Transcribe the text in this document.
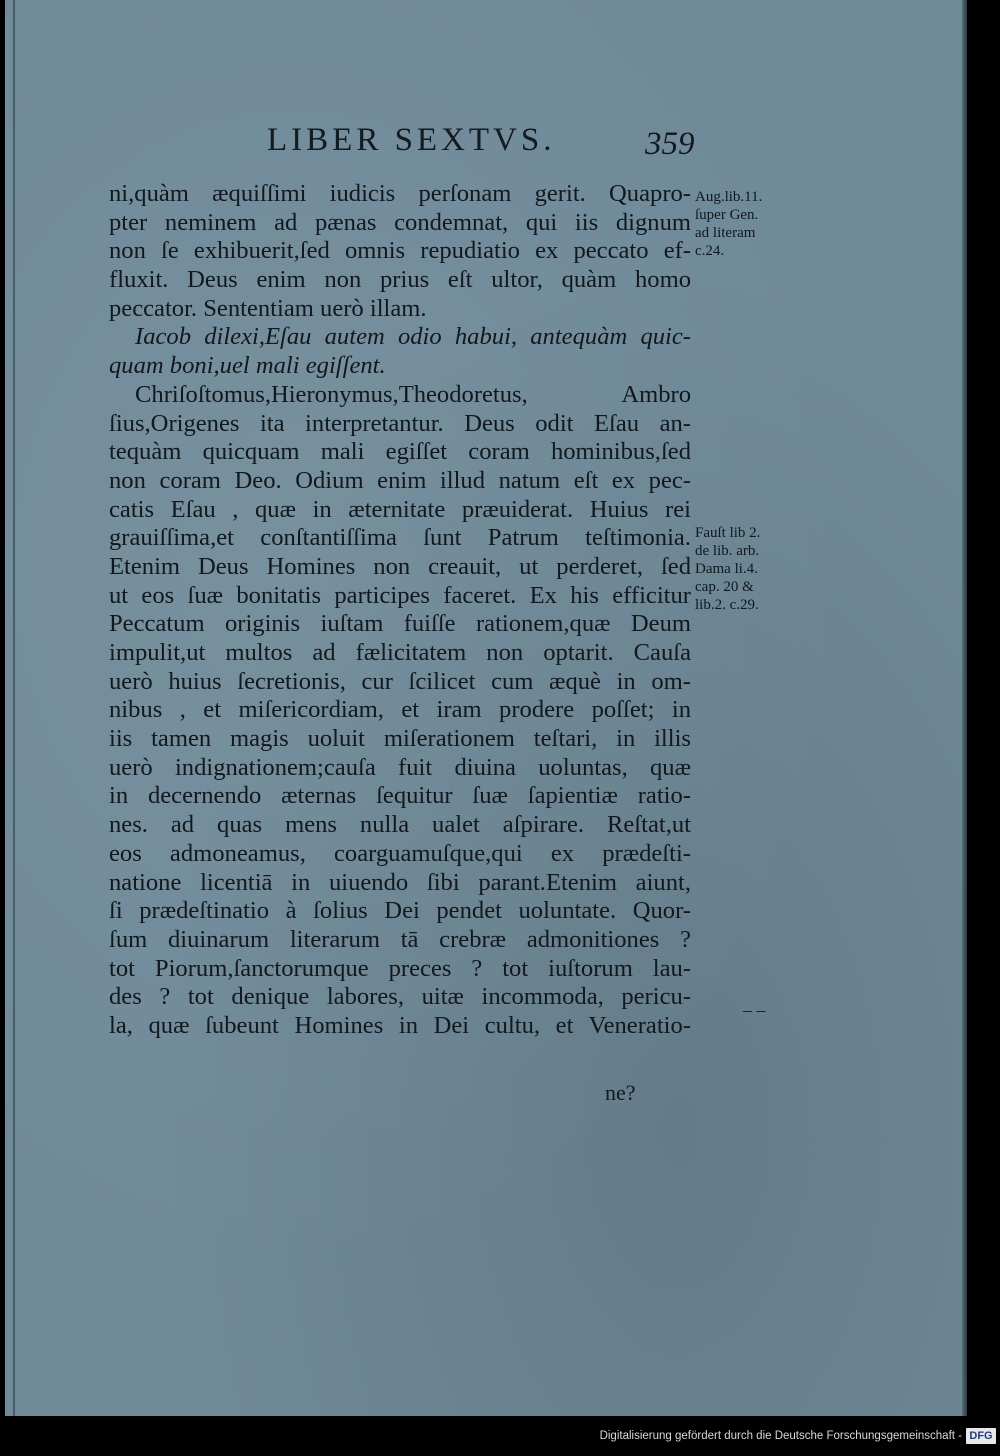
LIBER SEXTVS.	359
ni,quàm æquiſſimi iudicis perſonam gerit. Quapro-
pter neminem ad pænas condemnat, qui iis dignum
non ſe exhibuerit,ſed omnis repudiatio ex peccato ef-
fluxit. Deus enim non prius eſt ultor, quàm homo
peccator. Sententiam uerò illam.
Iacob dilexi,Eſau autem odio habui, antequàm quic-
quam boni,uel mali egiſſent.
Chriſoſtomus,Hieronymus,Theodoretus, Ambro
ſius,Origenes ita interpretantur. Deus odit Eſau an-
tequàm quicquam mali egiſſet coram hominibus,ſed
non coram Deo. Odium enim illud natum eſt ex pec-
catis Eſau , quæ in æternitate præuiderat. Huius rei
grauiſſima,et conſtantiſſima ſunt Patrum teſtimonia.
Etenim Deus Homines non creauit, ut perderet, ſed
ut eos ſuæ bonitatis participes faceret. Ex his efficitur
Peccatum originis iuſtam fuiſſe rationem,quæ Deum
impulit,ut multos ad fælicitatem non optarit. Cauſa
uerò huius ſecretionis, cur ſcilicet cum æquè in om-
nibus , et miſericordiam, et iram prodere poſſet; in
iis tamen magis uoluit miſerationem teſtari, in illis
uerò indignationem;cauſa fuit diuina uoluntas, quæ
in decernendo æternas ſequitur ſuæ ſapientiæ ratio-
nes. ad quas mens nulla ualet aſpirare. Reſtat,ut
eos admoneamus, coarguamuſque,qui ex prædeſti-
natione licentiā in uiuendo ſibi parant.Etenim aiunt,
ſi prædeſtinatio à ſolius Dei pendet uoluntate. Quor-
ſum diuinarum literarum tā crebræ admonitiones ?
tot Piorum,ſanctorumque preces ? tot iuſtorum lau-
des ? tot denique labores, uitæ incommoda, pericu-
la, quæ ſubeunt Homines in Dei cultu, et Veneratio-
ne?
Aug.lib.11.
ſuper Gen.
ad literam
c.24.
Fauſt lib 2.
de lib. arb.
Dama li.4.
cap. 20 &
lib.2. c.29.
– –
Digitalisierung gefördert durch die Deutsche Forschungsgemeinschaft - DFG
